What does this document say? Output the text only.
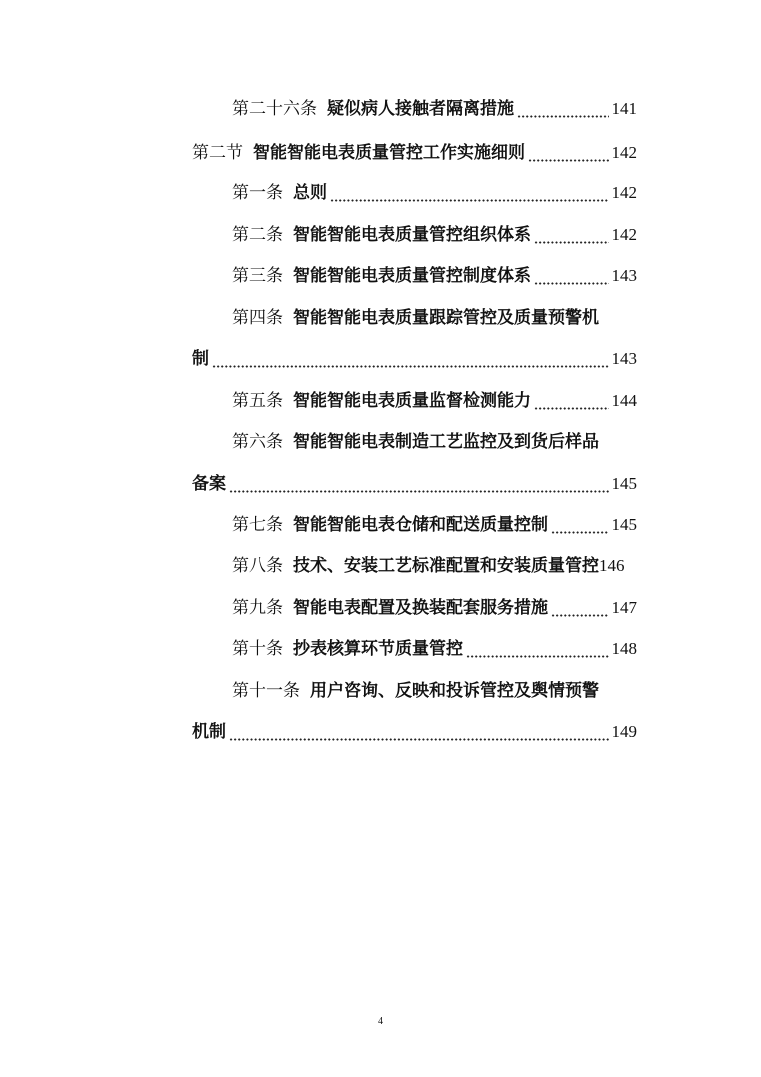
第二十六条 疑似病人接触者隔离措施	141
第二节 智能智能电表质量管控工作实施细则	142
第一条 总则	142
第二条 智能智能电表质量管控组织体系	142
第三条 智能智能电表质量管控制度体系	143
第四条 智能智能电表质量跟踪管控及质量预警机
制	143
第五条 智能智能电表质量监督检测能力	144
第六条 智能智能电表制造工艺监控及到货后样品
备案	145
第七条 智能智能电表仓储和配送质量控制	145
第八条 技术、安装工艺标准配置和安装质量管控 146
第九条 智能电表配置及换装配套服务措施	147
第十条 抄表核算环节质量管控	148
第十一条 用户咨询、反映和投诉管控及舆情预警
机制	149
4
